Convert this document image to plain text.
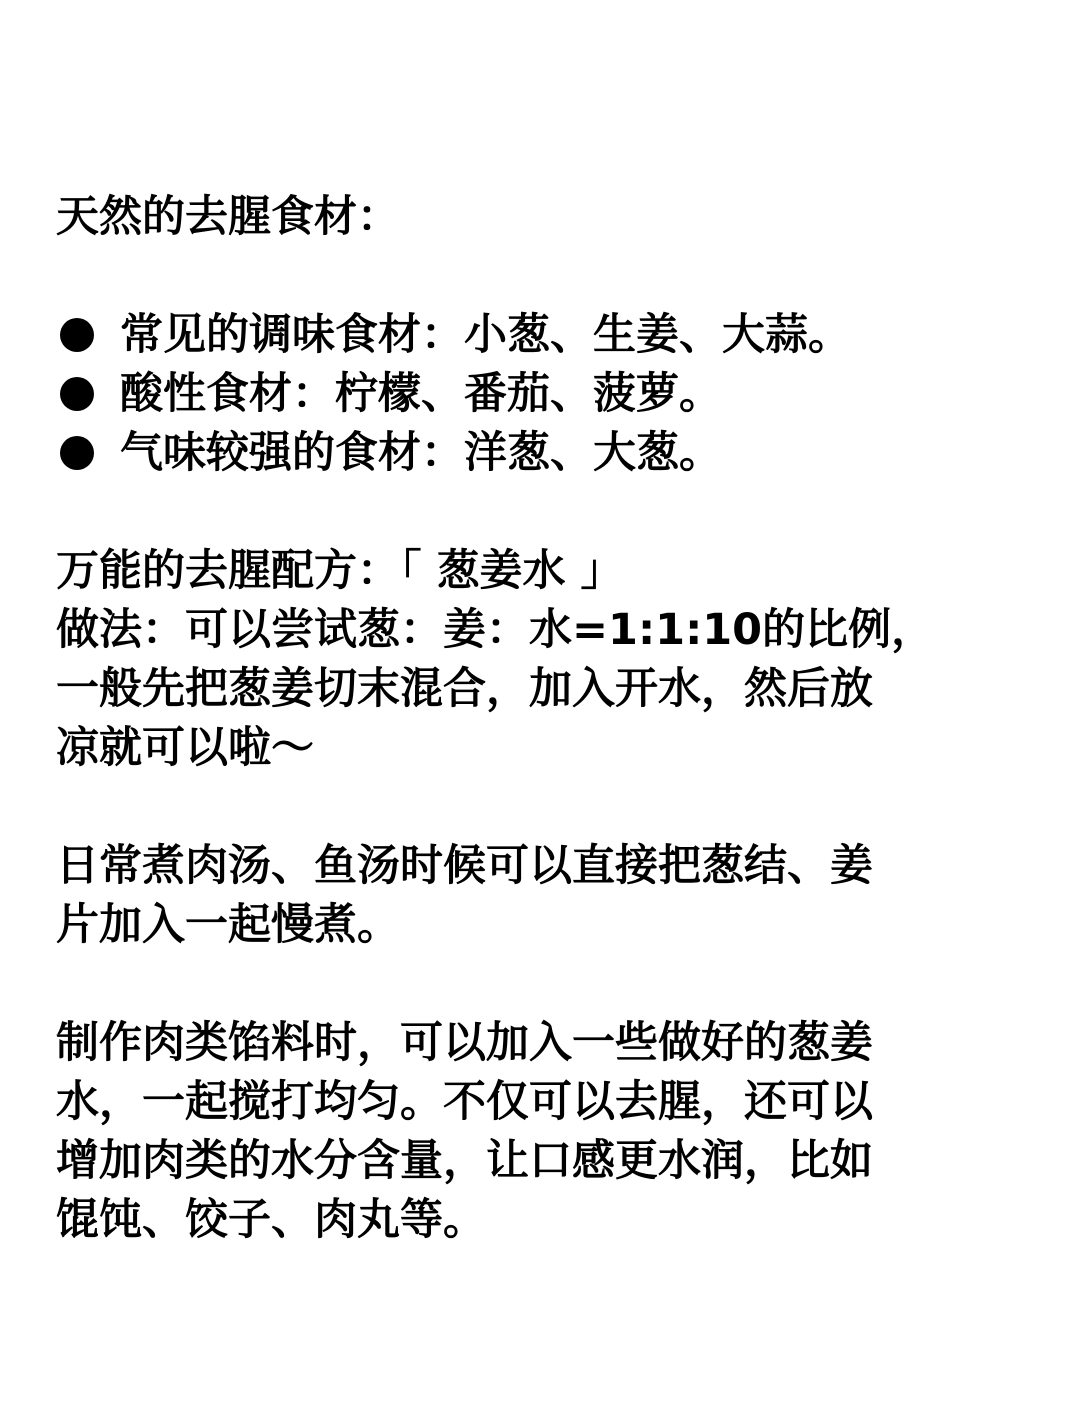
天然的去腥食材：

常见的调味食材：小葱、生姜、大蒜。
酸性食材：柠檬、番茄、菠萝。
气味较强的食材：洋葱、大葱。

万能的去腥配方：「 葱姜水 」

做法：可以尝试葱：姜：水=1:1:10的比例，

一般先把葱姜切末混合，加入开水，然后放

凉就可以啦～

日常煮肉汤、鱼汤时候可以直接把葱结、姜

片加入一起慢煮。

制作肉类馅料时，可以加入一些做好的葱姜

水，一起搅打均匀。不仅可以去腥，还可以

增加肉类的水分含量，让口感更水润，比如

馄饨、饺子、肉丸等。
